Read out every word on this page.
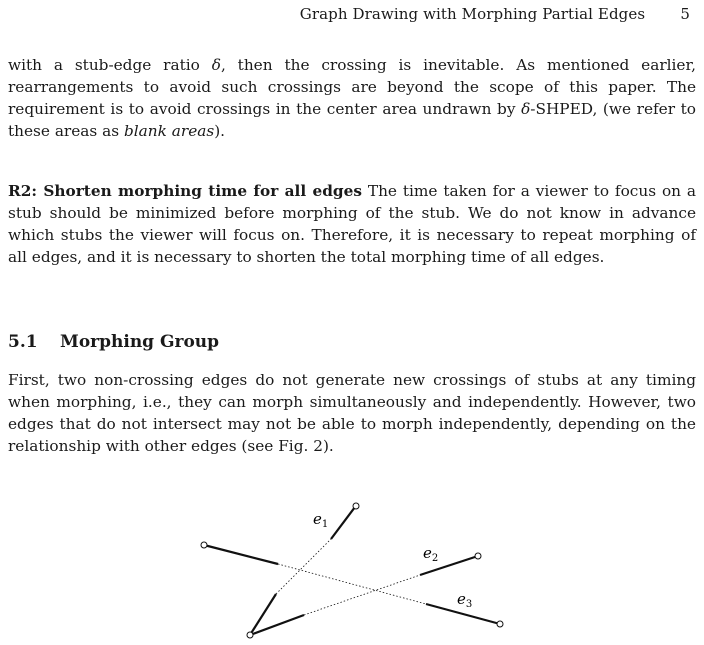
Graph Drawing with Morphing Partial Edges 5

with a stub-edge ratio δ, then the crossing is inevitable. As mentioned earlier, rearrangements to avoid such crossings are beyond the scope of this paper. The requirement is to avoid crossings in the center area undrawn by δ-SHPED, (we refer to these areas as blank areas).

R2: Shorten morphing time for all edges The time taken for a viewer to focus on a stub should be minimized before morphing of the stub. We do not know in advance which stubs the viewer will focus on. Therefore, it is necessary to repeat morphing of all edges, and it is necessary to shorten the total morphing time of all edges.

5.1 Morphing Group

First, two non-crossing edges do not generate new crossings of stubs at any timing when morphing, i.e., they can morph simultaneously and independently. However, two edges that do not intersect may not be able to morph independently, depending on the relationship with other edges (see Fig. 2).

$e_1$
$e_2$
$e_3$
